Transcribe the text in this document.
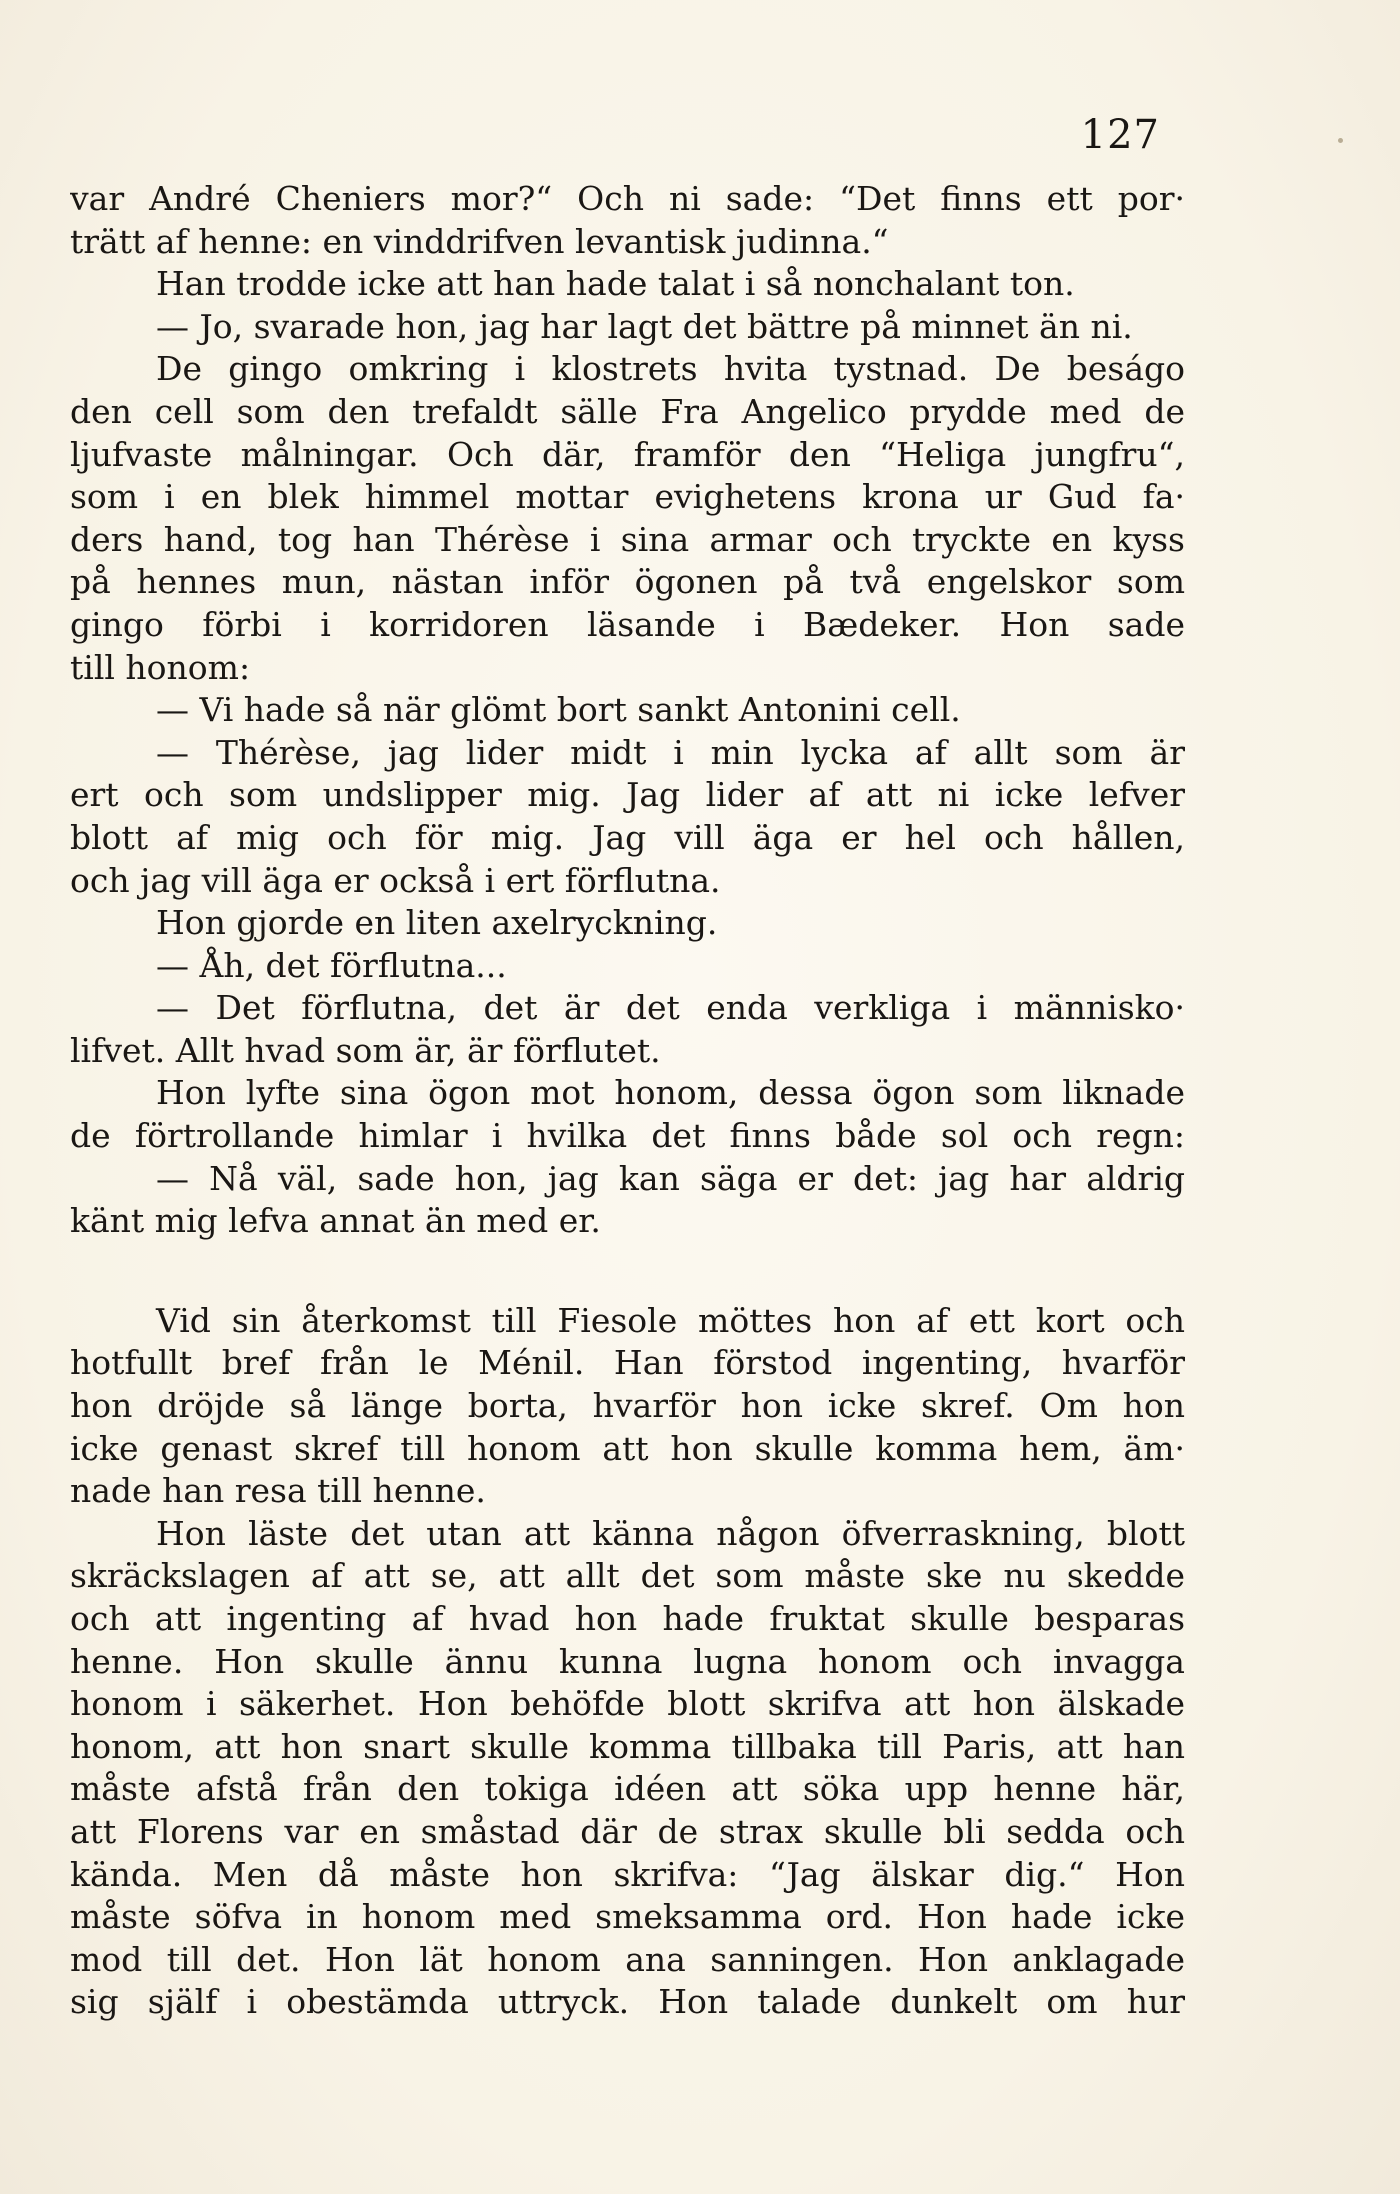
127
var André Cheniers mor?“ Och ni sade: “Det finns ett por·
trätt af henne: en vinddrifven levantisk judinna.“
Han trodde icke att han hade talat i så nonchalant ton.
— Jo, svarade hon, jag har lagt det bättre på minnet än ni.
De gingo omkring i klostrets hvita tystnad. De beságo
den cell som den trefaldt sälle Fra Angelico prydde med de
ljufvaste målningar. Och där, framför den “Heliga jungfru“,
som i en blek himmel mottar evighetens krona ur Gud fa·
ders hand, tog han Thérèse i sina armar och tryckte en kyss
på hennes mun, nästan inför ögonen på två engelskor som
gingo förbi i korridoren läsande i Bædeker. Hon sade
till honom:
— Vi hade så när glömt bort sankt Antonini cell.
— Thérèse, jag lider midt i min lycka af allt som är
ert och som undslipper mig. Jag lider af att ni icke lefver
blott af mig och för mig. Jag vill äga er hel och hållen,
och jag vill äga er också i ert förflutna.
Hon gjorde en liten axelryckning.
— Åh, det förflutna...
— Det förflutna, det är det enda verkliga i människo·
lifvet. Allt hvad som är, är förflutet.
Hon lyfte sina ögon mot honom, dessa ögon som liknade
de förtrollande himlar i hvilka det finns både sol och regn:
— Nå väl, sade hon, jag kan säga er det: jag har aldrig
känt mig lefva annat än med er.
Vid sin återkomst till Fiesole möttes hon af ett kort och
hotfullt bref från le Ménil. Han förstod ingenting, hvarför
hon dröjde så länge borta, hvarför hon icke skref. Om hon
icke genast skref till honom att hon skulle komma hem, äm·
nade han resa till henne.
Hon läste det utan att känna någon öfverraskning, blott
skräckslagen af att se, att allt det som måste ske nu skedde
och att ingenting af hvad hon hade fruktat skulle besparas
henne. Hon skulle ännu kunna lugna honom och invagga
honom i säkerhet. Hon behöfde blott skrifva att hon älskade
honom, att hon snart skulle komma tillbaka till Paris, att han
måste afstå från den tokiga idéen att söka upp henne här,
att Florens var en småstad där de strax skulle bli sedda och
kända. Men då måste hon skrifva: “Jag älskar dig.“ Hon
måste söfva in honom med smeksamma ord. Hon hade icke
mod till det. Hon lät honom ana sanningen. Hon anklagade
sig själf i obestämda uttryck. Hon talade dunkelt om hur
